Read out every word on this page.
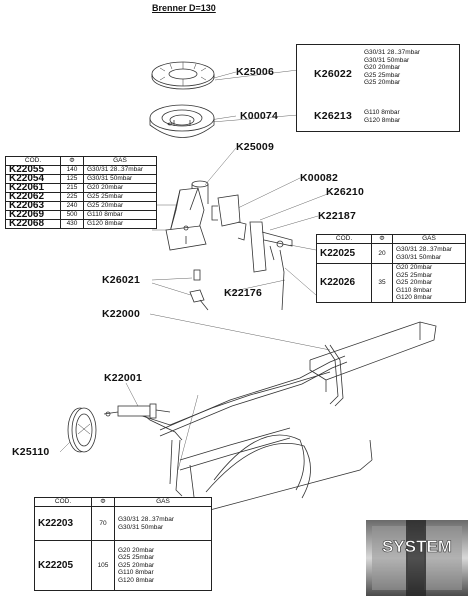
Brenner D=130
K25006
K00074
K25009
K00082
K26210
K22187
K26021
K22176
K22000
K22001
K25110
K26022
G30/31 28..37mbar
G30/31 50mbar
G20 20mbar
G25 25mbar
G25 20mbar
K26213 G110 8mbar
G120 8mbar
COD.	Φ	GAS
K22055	140	G30/31 28..37mbar
K22054	125	G30/31 50mbar
K22061	215	G20 20mbar
K22062	225	G25 25mbar
K22063	240	G25 20mbar
K22069	500	G110 8mbar
K22068	430	G120 8mbar
COD.	Φ	GAS
K22025	20	G30/31 28..37mbar
G30/31 50mbar

K22026	35	G20 20mbar
G25 25mbar
G25 20mbar
G110 8mbar
G120 8mbar
COD.	Φ	GAS
K22203	70	G30/31 28..37mbar
G30/31 50mbar

K22205	105	G20 20mbar
G25 25mbar
G25 20mbar
G110 8mbar
G120 8mbar
SYSTEM
